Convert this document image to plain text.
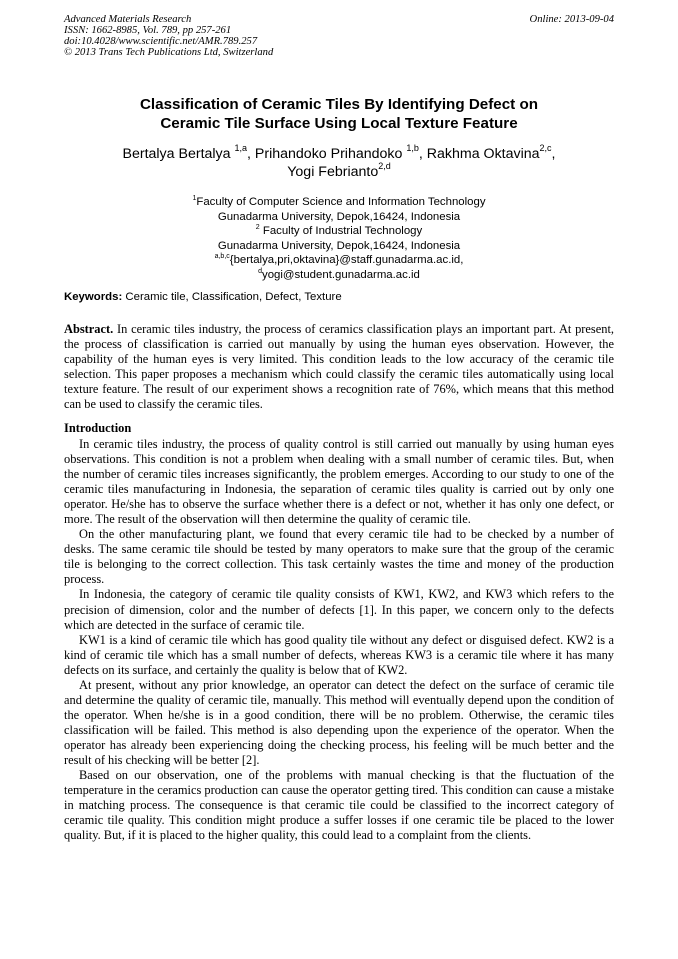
Advanced Materials Research
ISSN: 1662-8985, Vol. 789, pp 257-261
doi:10.4028/www.scientific.net/AMR.789.257
© 2013 Trans Tech Publications Ltd, Switzerland
Online: 2013-09-04
Classification of Ceramic Tiles By Identifying Defect on
Ceramic Tile Surface Using Local Texture Feature
Bertalya Bertalya $^{1,a}$, Prihandoko Prihandoko $^{1,b}$, Rakhma Oktavina$^{2,c}$,
Yogi Febrianto$^{2,d}$
$^1$Faculty of Computer Science and Information Technology
Gunadarma University, Depok,16424, Indonesia
$^2$ Faculty of Industrial Technology
Gunadarma University, Depok,16424, Indonesia
$^{a,b,c}${bertalya,pri,oktavina}@staff.gunadarma.ac.id,
$^d$yogi@student.gunadarma.ac.id
Keywords: Ceramic tile, Classification, Defect, Texture

Abstract. In ceramic tiles industry, the process of ceramics classification plays an important part. At present, the process of classification is carried out manually by using the human eyes observation. However, the capability of the human eyes is very limited. This condition leads to the low accuracy of the ceramic tile selection. This paper proposes a mechanism which could classify the ceramic tiles automatically using local texture feature. The result of our experiment shows a recognition rate of 76%, which means that this method can be used to classify the ceramic tiles.

Introduction

In ceramic tiles industry, the process of quality control is still carried out manually by using human eyes observations. This condition is not a problem when dealing with a small number of ceramic tiles. But, when the number of ceramic tiles increases significantly, the problem emerges. According to our study to one of the ceramic tiles manufacturing in Indonesia, the separation of ceramic tiles quality is carried out by only one operator. He/she has to observe the surface whether there is a defect or not, whether it has only one defect, or more. The result of the observation will then determine the quality of ceramic tile.

On the other manufacturing plant, we found that every ceramic tile had to be checked by a number of desks. The same ceramic tile should be tested by many operators to make sure that the group of the ceramic tile is belonging to the correct collection. This task certainly wastes the time and money of the production process.

In Indonesia, the category of ceramic tile quality consists of KW1, KW2, and KW3 which refers to the precision of dimension, color and the number of defects [1]. In this paper, we concern only to the defects which are detected in the surface of ceramic tile.

KW1 is a kind of ceramic tile which has good quality tile without any defect or disguised defect. KW2 is a kind of ceramic tile which has a small number of defects, whereas KW3 is a ceramic tile where it has many defects on its surface, and certainly the quality is below that of KW2.

At present, without any prior knowledge, an operator can detect the defect on the surface of ceramic tile and determine the quality of ceramic tile, manually. This method will eventually depend upon the condition of the operator. When he/she is in a good condition, there will be no problem. Otherwise, the ceramic tiles classification will be failed. This method is also depending upon the experience of the operator. When the operator has already been experiencing doing the checking process, his feeling will be much better and the result of his checking will be better [2].

Based on our observation, one of the problems with manual checking is that the fluctuation of the temperature in the ceramics production can cause the operator getting tired. This condition can cause a mistake in matching process. The consequence is that ceramic tile could be classified to the incorrect category of ceramic tile quality. This condition might produce a suffer losses if one ceramic tile be placed to the lower quality. But, if it is placed to the higher quality, this could lead to a complaint from the clients.
